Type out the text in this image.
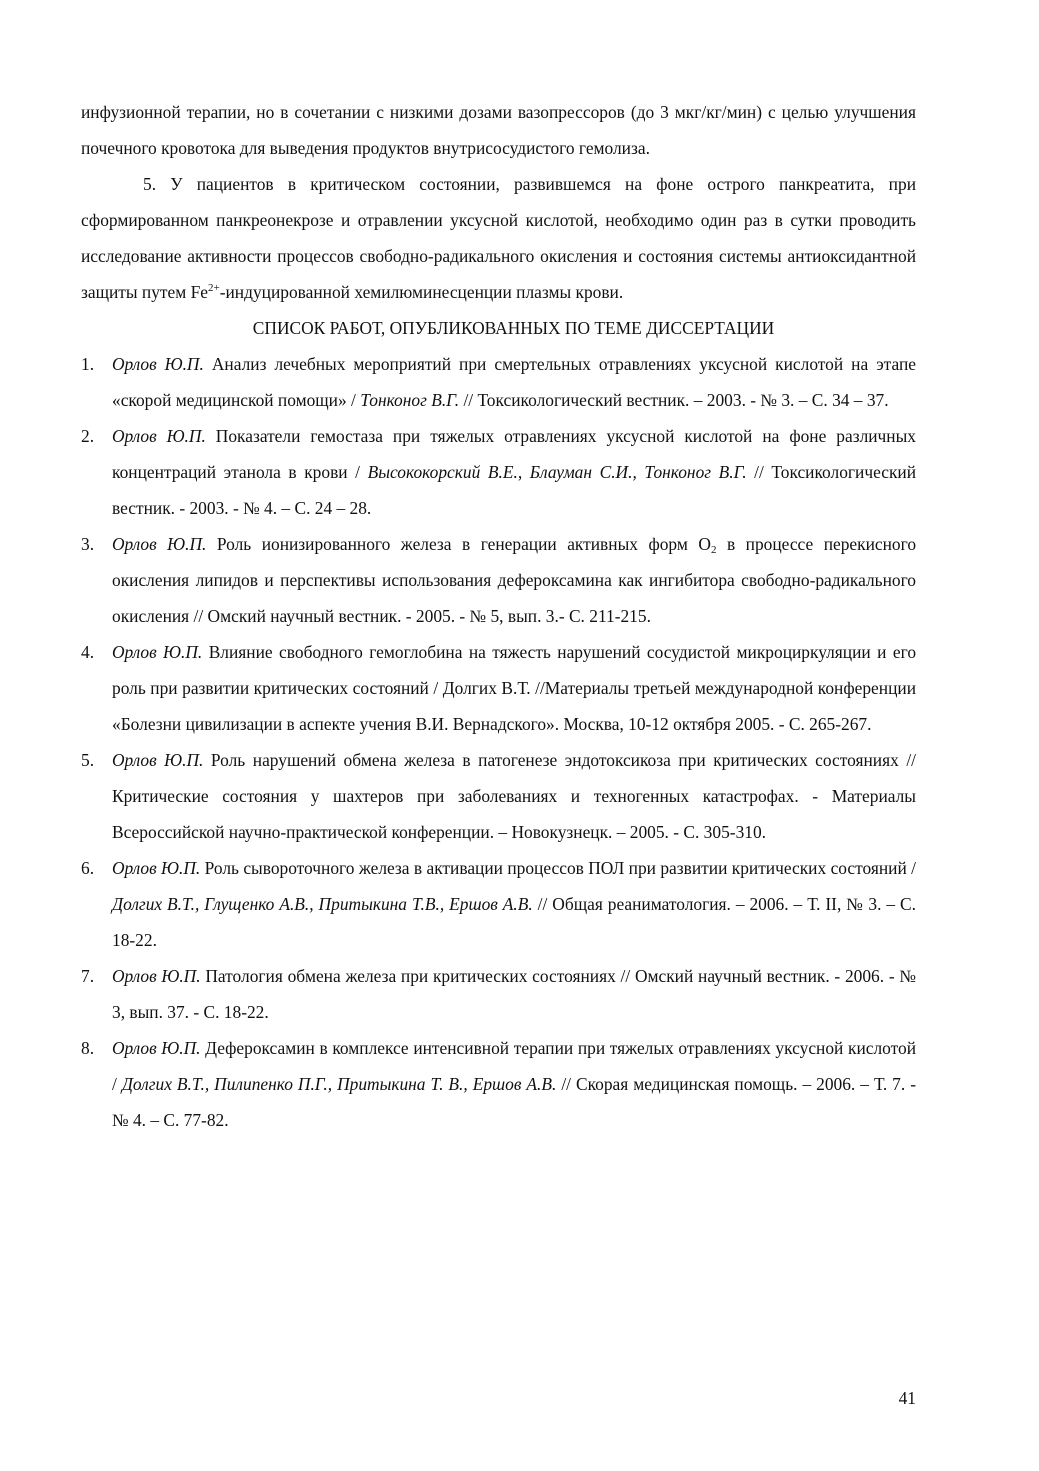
инфузионной терапии, но в сочетании с низкими дозами вазопрессоров (до 3 мкг/кг/мин) с целью улучшения почечного кровотока для выведения продуктов внутрисосудистого гемолиза.

5. У пациентов в критическом состоянии, развившемся на фоне острого панкреатита, при сформированном панкреонекрозе и отравлении уксусной кислотой, необходимо один раз в сутки проводить исследование активности процессов свободно-радикального окисления и состояния системы антиоксидантной защиты путем $Fe^{2+}$-индуцированной хемилюминесценции плазмы крови.

СПИСОК РАБОТ, ОПУБЛИКОВАННЫХ ПО ТЕМЕ ДИССЕРТАЦИИ

1. Орлов Ю.П. Анализ лечебных мероприятий при смертельных отравлениях уксусной кислотой на этапе «скорой медицинской помощи» / Тонконог В.Г. // Токсикологический вестник. – 2003. - № 3. – С. 34 – 37.
2. Орлов Ю.П. Показатели гемостаза при тяжелых отравлениях уксусной кислотой на фоне различных концентраций этанола в крови / Высококорский В.Е., Блауман С.И., Тонконог В.Г. // Токсикологический вестник. - 2003. - № 4. – С. 24 – 28.
3. Орлов Ю.П. Роль ионизированного железа в генерации активных форм $O_2$ в процессе перекисного окисления липидов и перспективы использования дефероксамина как ингибитора свободно-радикального окисления // Омский научный вестник. - 2005. - № 5, вып. 3.- С. 211-215.
4. Орлов Ю.П. Влияние свободного гемоглобина на тяжесть нарушений сосудистой микроциркуляции и его роль при развитии критических состояний / Долгих В.Т. //Материалы третьей международной конференции «Болезни цивилизации в аспекте учения В.И. Вернадского». Москва, 10-12 октября 2005. - С. 265-267.
5. Орлов Ю.П. Роль нарушений обмена железа в патогенезе эндотоксикоза при критических состояниях // Критические состояния у шахтеров при заболеваниях и техногенных катастрофах. - Материалы Всероссийской научно-практической конференции. – Новокузнецк. – 2005. - С. 305-310.
6. Орлов Ю.П. Роль сывороточного железа в активации процессов ПОЛ при развитии критических состояний / Долгих В.Т., Глущенко А.В., Притыкина Т.В., Ершов А.В. // Общая реаниматология. – 2006. – Т. II, № 3. – С. 18-22.
7. Орлов Ю.П. Патология обмена железа при критических состояниях // Омский научный вестник. - 2006. - № 3, вып. 37. - С. 18-22.
8. Орлов Ю.П. Дефероксамин в комплексе интенсивной терапии при тяжелых отравлениях уксусной кислотой / Долгих В.Т., Пилипенко П.Г., Притыкина Т. В., Ершов А.В. // Скорая медицинская помощь. – 2006. – Т. 7. - № 4. – С. 77-82.
41
